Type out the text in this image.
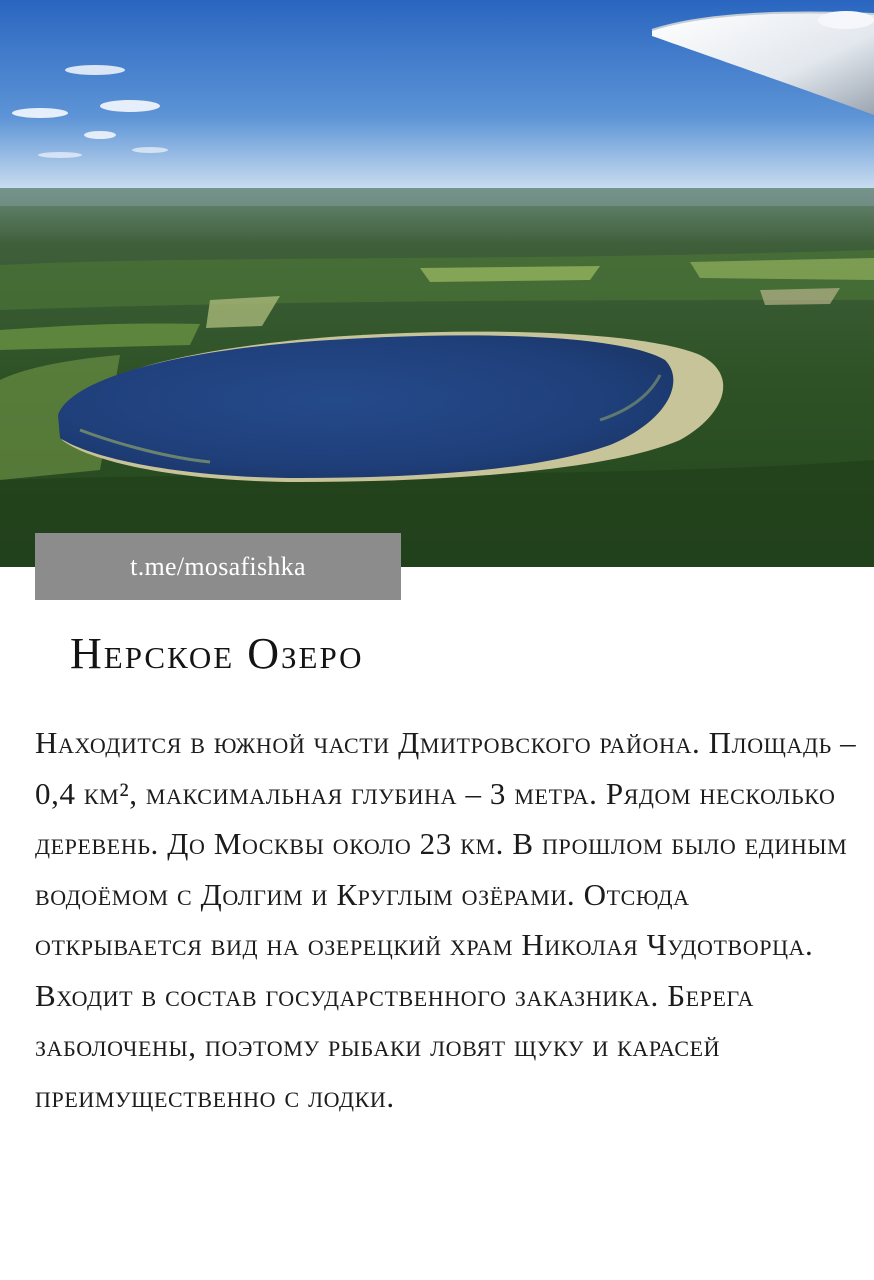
t.me/mosafishka
Нерское Озеро

Находится в южной части Дмитровского района. Площадь – 0,4 км², максимальная глубина – 3 метра. Рядом несколько деревень. До Москвы около 23 км. В прошлом было единым водоёмом с Долгим и Круглым озёрами. Отсюда открывается вид на озерецкий храм Николая Чудотворца. Входит в состав государственного заказника. Берега заболочены, поэтому рыбаки ловят щуку и карасей преимущественно с лодки.
